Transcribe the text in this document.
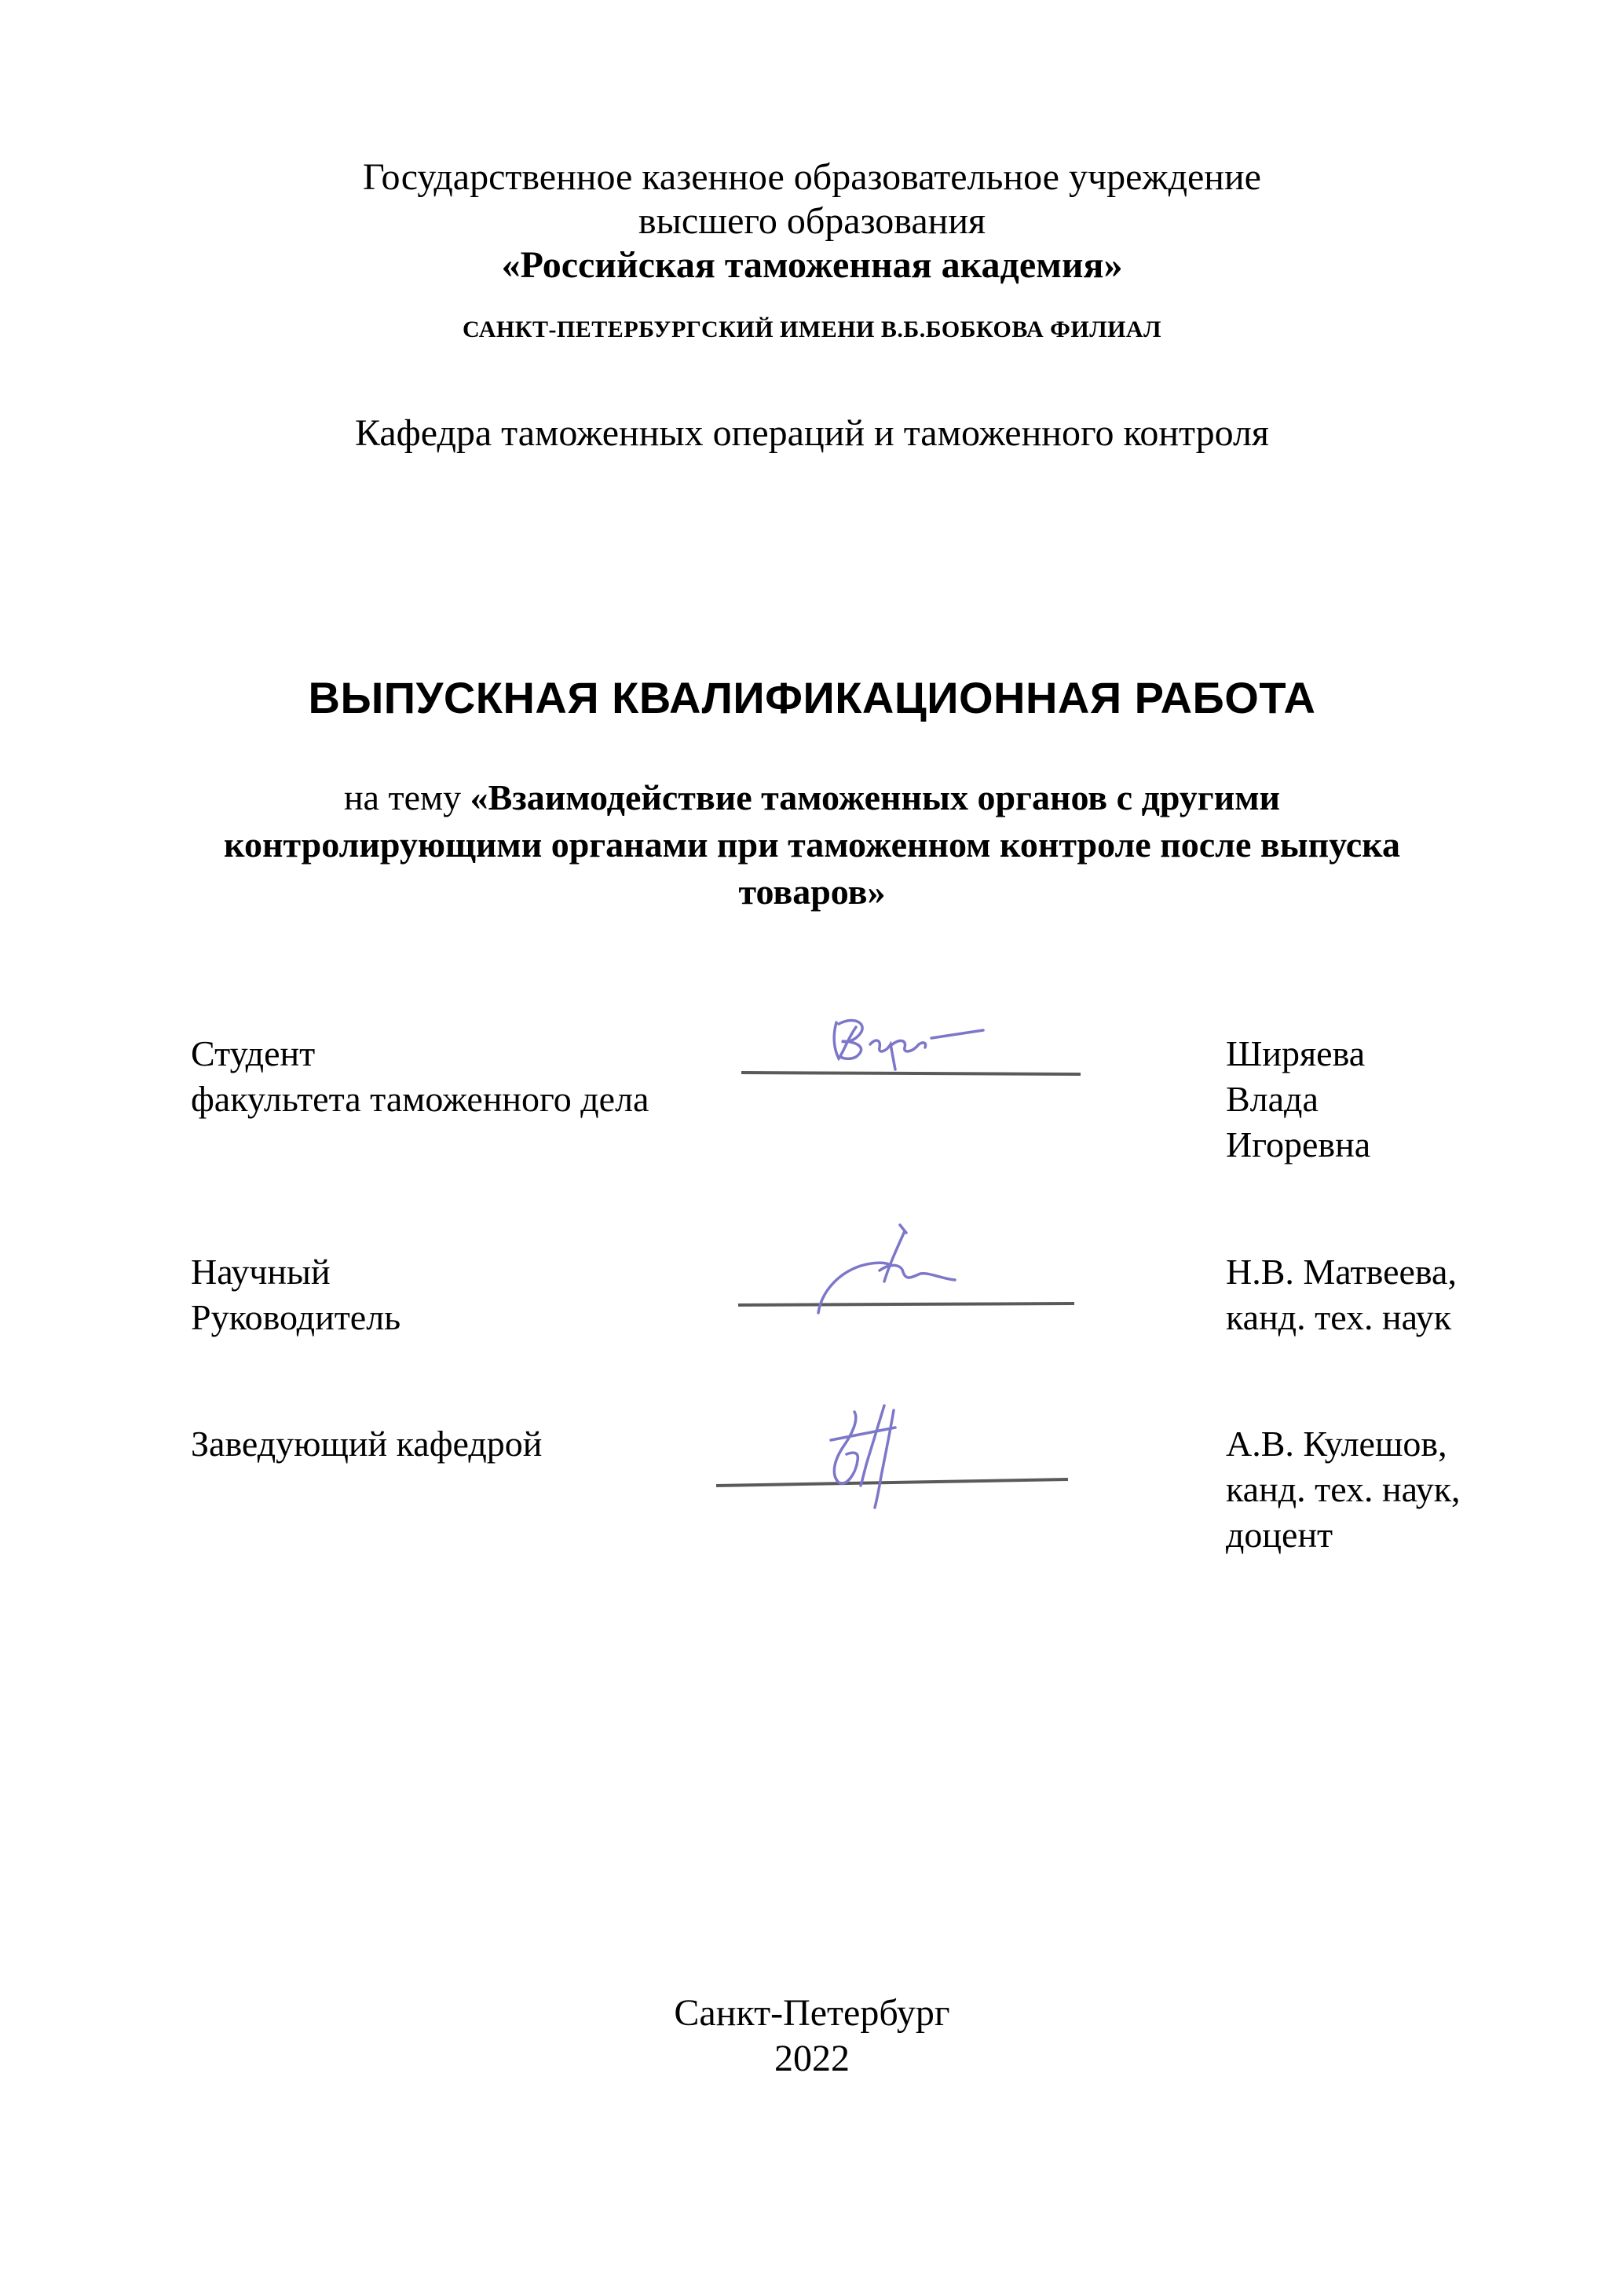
Государственное казенное образовательное учреждение
высшего образования
«Российская таможенная академия»
САНКТ-ПЕТЕРБУРГСКИЙ ИМЕНИ В.Б.БОБКОВА ФИЛИАЛ
Кафедра таможенных операций и таможенного контроля
ВЫПУСКНАЯ КВАЛИФИКАЦИОННАЯ РАБОТА
на тему «Взаимодействие таможенных органов с другими
контролирующими органами при таможенном контроле после выпуска
товаров»
Студент
факультета таможенного дела
Ширяева
Влада
Игоревна
Научный
Руководитель
Н.В. Матвеева,
канд. тех. наук
Заведующий кафедрой	А.В. Кулешов,
канд. тех. наук,
доцент
Санкт-Петербург
2022
